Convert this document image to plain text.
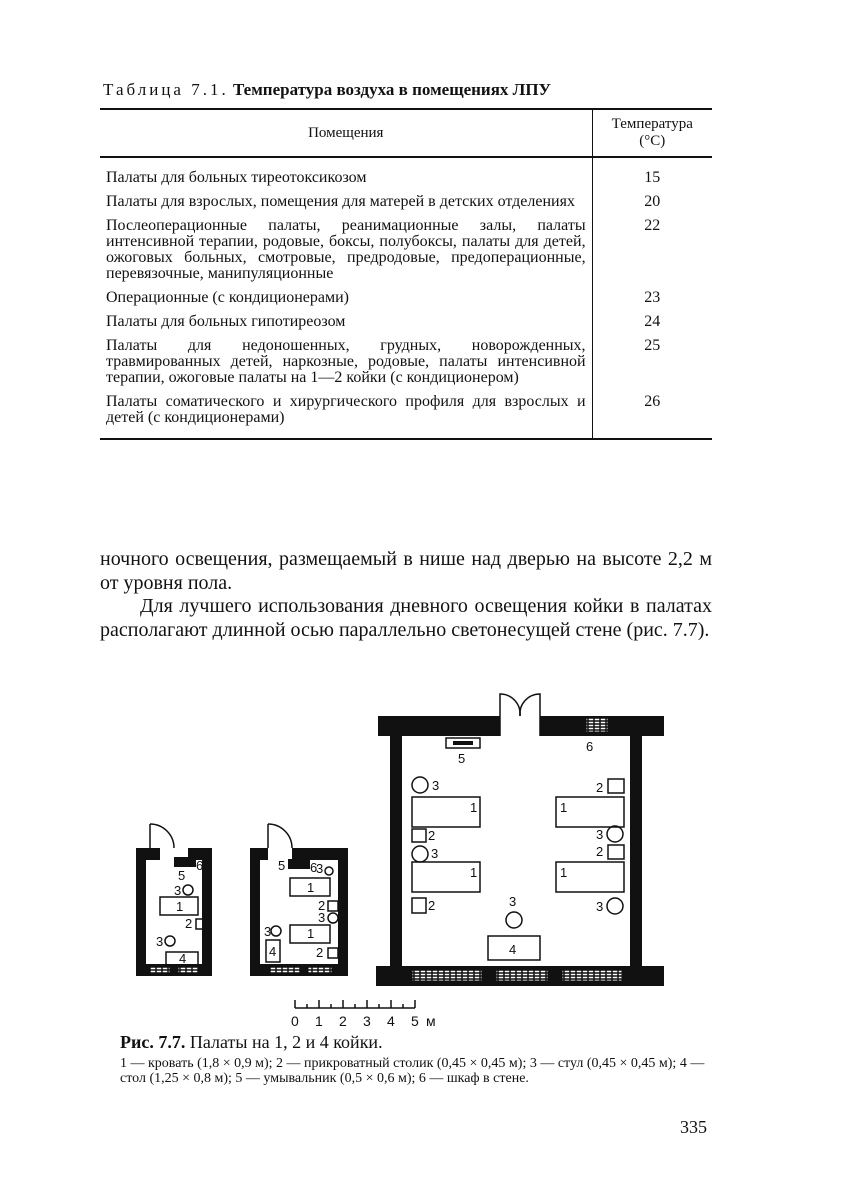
Таблица 7.1. Температура воздуха в помещениях ЛПУ
Помещения	Температура
(°С)
Палаты для больных тиреотоксикозом	15
Палаты для взрослых, помещения для матерей в детских отделениях	20
Послеоперационные палаты, реанимационные залы, палаты интенсивной терапии, родовые, боксы, полубоксы, палаты для детей, ожоговых больных, смотровые, предродовые, предоперационные, перевязочные, манипуляционные	22
Операционные (с кондиционерами)	23
Палаты для больных гипотиреозом	24
Палаты для недоношенных, грудных, новорожденных, травмированных детей, наркозные, родовые, палаты интенсивной терапии, ожоговые палаты на 1—2 койки (с кондиционером)	25
Палаты соматического и хирургического профиля для взрослых и детей (с кондиционерами)	26

ночного освещения, размещаемый в нише над дверью на высоте 2,2 м от уровня пола.

Для лучшего использования дневного освещения койки в палатах располагают длинной осью параллельно светонесущей стене (рис. 7.7).

6
5
3
1
2
3
4
5 6
3
1
2
3
1
3
4	2
6
5
3
1
2
3
1
2
2
1
3
2
1
3
3
4
0 1 2 3 4 5 м
Рис. 7.7. Палаты на 1, 2 и 4 койки.

1 — кровать (1,8 × 0,9 м); 2 — прикроватный столик (0,45 × 0,45 м); 3 — стул (0,45 × 0,45 м); 4 — стол (1,25 × 0,8 м); 5 — умывальник (0,5 × 0,6 м); 6 — шкаф в стене.

335
